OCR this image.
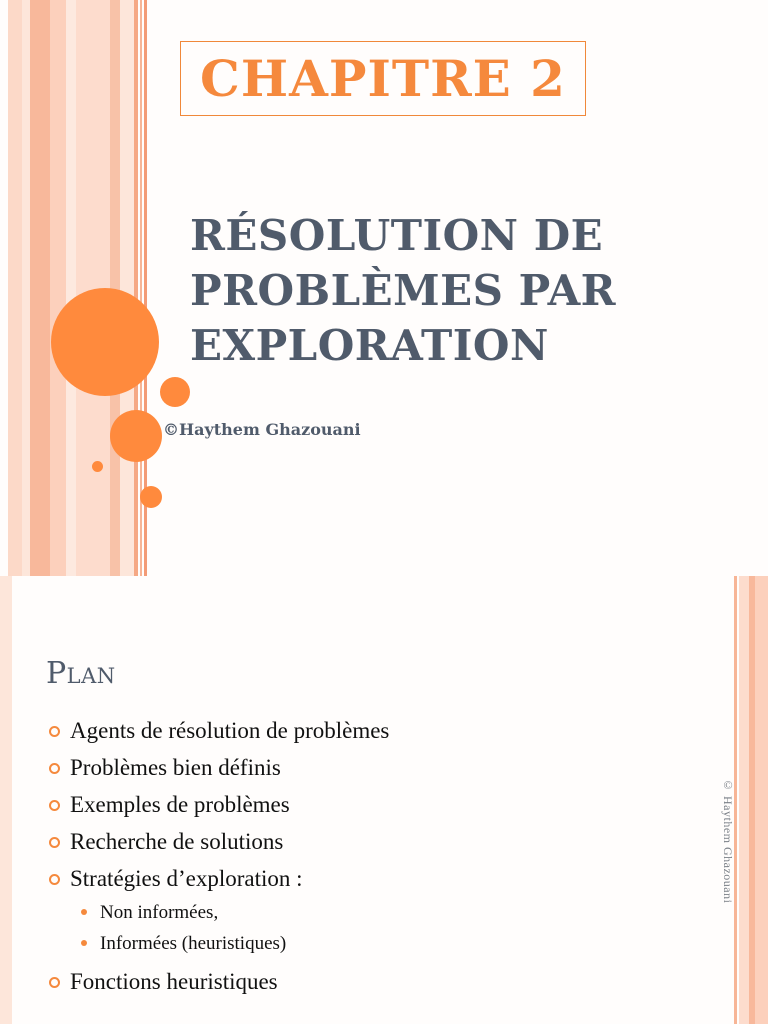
CHAPITRE 2
RÉSOLUTION DE
PROBLÈMES PAR
EXPLORATION
©Haythem Ghazouani
Plan
Agents de résolution de problèmes
Problèmes bien définis
Exemples de problèmes
Recherche de solutions
Stratégies d’exploration :
Non informées,
Informées (heuristiques)
Fonctions heuristiques
© Haythem Ghazouani
